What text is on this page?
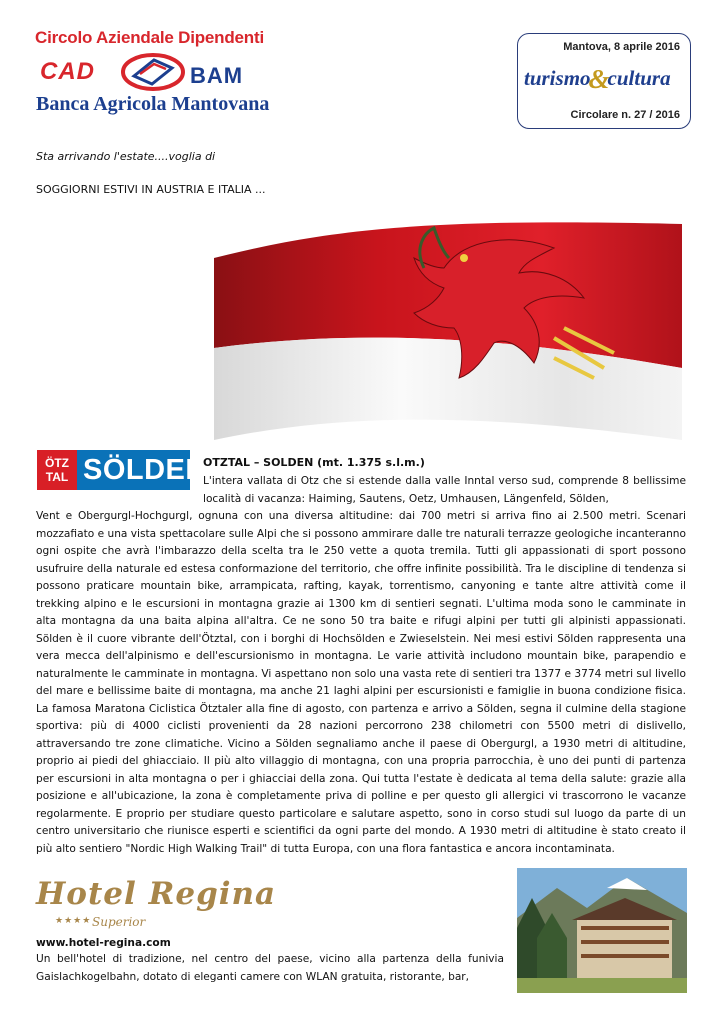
Circolo Aziendale Dipendenti
CAD	BAM
Banca Agricola Mantovana
Mantova, 8 aprile 2016
turismo&cultura
Circolare n. 27 / 2016
Sta arrivando l'estate....voglia di
SOGGIORNI ESTIVI IN AUSTRIA E ITALIA ...
ÖTZ
TAL SÖLDEN
OTZTAL – SOLDEN (mt. 1.375 s.l.m.)
L'intera vallata di Otz che si estende dalla valle Inntal verso sud, comprende 8 bellissime località di vacanza: Haiming, Sautens, Oetz, Umhausen, Längenfeld, Sölden,
Vent e Obergurgl-Hochgurgl, ognuna con una diversa altitudine: dai 700 metri si arriva fino ai 2.500 metri. Scenari mozzafiato e una vista spettacolare sulle Alpi che si possono ammirare dalle tre naturali terrazze geologiche incanteranno ogni ospite che avrà l'imbarazzo della scelta tra le 250 vette a quota tremila. Tutti gli appassionati di sport possono usufruire della naturale ed estesa conformazione del territorio, che offre infinite possibilità. Tra le discipline di tendenza si possono praticare mountain bike, arrampicata, rafting, kayak, torrentismo, canyoning e tante altre attività come il trekking alpino e le escursioni in montagna grazie ai 1300 km di sentieri segnati. L'ultima moda sono le camminate in alta montagna da una baita alpina all'altra. Ce ne sono 50 tra baite e rifugi alpini per tutti gli alpinisti appassionati. Sölden è il cuore vibrante dell'Ötztal, con i borghi di Hochsölden e Zwieselstein. Nei mesi estivi Sölden rappresenta una vera mecca dell'alpinismo e dell'escursionismo in montagna. Le varie attività includono mountain bike, parapendio e naturalmente le camminate in montagna. Vi aspettano non solo una vasta rete di sentieri tra 1377 e 3774 metri sul livello del mare e bellissime baite di montagna, ma anche 21 laghi alpini per escursionisti e famiglie in buona condizione fisica. La famosa Maratona Ciclistica Ötztaler alla fine di agosto, con partenza e arrivo a Sölden, segna il culmine della stagione sportiva: più di 4000 ciclisti provenienti da 28 nazioni percorrono 238 chilometri con 5500 metri di dislivello, attraversando tre zone climatiche. Vicino a Sölden segnaliamo anche il paese di Obergurgl, a 1930 metri di altitudine, proprio ai piedi del ghiacciaio. Il più alto villaggio di montagna, con una propria parrocchia, è uno dei punti di partenza per escursioni in alta montagna o per i ghiacciai della zona. Qui tutta l'estate è dedicata al tema della salute: grazie alla posizione e all'ubicazione, la zona è completamente priva di polline e per questo gli allergici vi trascorrono le vacanze regolarmente. E proprio per studiare questo particolare e salutare aspetto, sono in corso studi sul luogo da parte di un centro universitario che riunisce esperti e scientifici da ogni parte del mondo. A 1930 metri di altitudine è stato creato il più alto sentiero "Nordic High Walking Trail" di tutta Europa, con una flora fantastica e ancora incontaminata.
Hotel Regina
★★★★ Superior
www.hotel-regina.com
Un bell'hotel di tradizione, nel centro del paese, vicino alla partenza della funivia Gaislachkogelbahn, dotato di eleganti camere con WLAN gratuita, ristorante, bar,
